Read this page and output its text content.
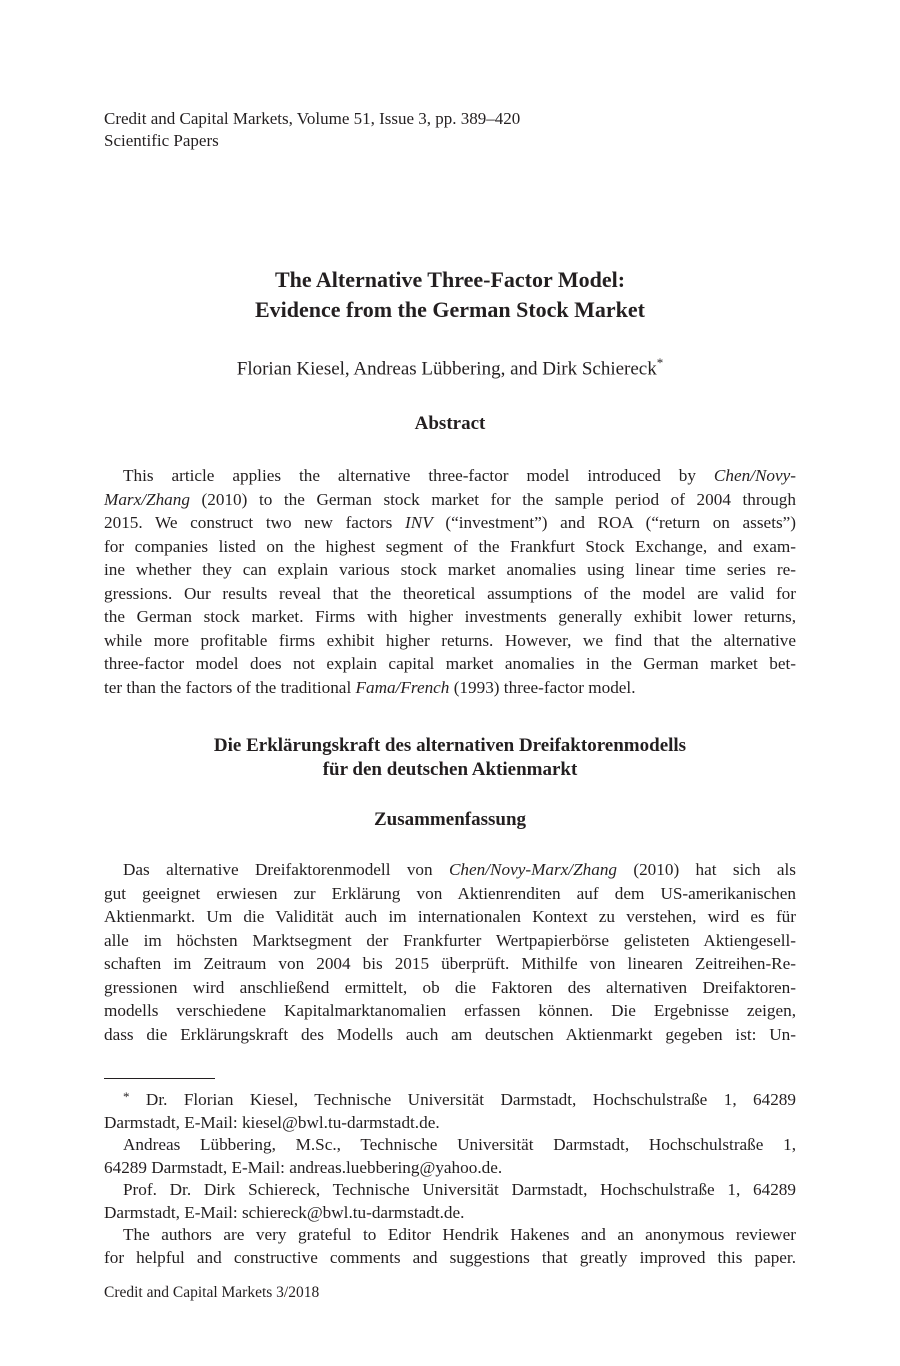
Credit and Capital Markets, Volume 51, Issue 3, pp. 389–420
Scientific Papers
The Alternative Three-Factor Model:
Evidence from the German Stock Market
Florian Kiesel, Andreas Lübbering, and Dirk Schiereck*
Abstract
This article applies the alternative three-factor model introduced by Chen/Novy-
Marx/Zhang (2010) to the German stock market for the sample period of 2004 through
2015. We construct two new factors INV (“investment”) and ROA (“return on assets”)
for companies listed on the highest segment of the Frankfurt Stock Exchange, and exam-
ine whether they can explain various stock market anomalies using linear time series re-
gressions. Our results reveal that the theoretical assumptions of the model are valid for
the German stock market. Firms with higher investments generally exhibit lower returns,
while more profitable firms exhibit higher returns. However, we find that the alternative
three-factor model does not explain capital market anomalies in the German market bet-
ter than the factors of the traditional Fama/French (1993) three-factor model.
Die Erklärungskraft des alternativen Dreifaktorenmodells
für den deutschen Aktienmarkt
Zusammenfassung
Das alternative Dreifaktorenmodell von Chen/Novy-Marx/Zhang (2010) hat sich als
gut geeignet erwiesen zur Erklärung von Aktienrenditen auf dem US-amerikanischen
Aktienmarkt. Um die Validität auch im internationalen Kontext zu verstehen, wird es für
alle im höchsten Marktsegment der Frankfurter Wertpapierbörse gelisteten Aktiengesell-
schaften im Zeitraum von 2004 bis 2015 überprüft. Mithilfe von linearen Zeitreihen-Re-
gressionen wird anschließend ermittelt, ob die Faktoren des alternativen Dreifaktoren-
modells verschiedene Kapitalmarktanomalien erfassen können. Die Ergebnisse zeigen,
dass die Erklärungskraft des Modells auch am deutschen Aktienmarkt gegeben ist: Un-
* Dr. Florian Kiesel, Technische Universität Darmstadt, Hochschulstraße 1, 64289
Darmstadt, E-Mail: kiesel@bwl.tu-darmstadt.de.
Andreas Lübbering, M.Sc., Technische Universität Darmstadt, Hochschulstraße 1,
64289 Darmstadt, E-Mail: andreas.luebbering@yahoo.de.
Prof. Dr. Dirk Schiereck, Technische Universität Darmstadt, Hochschulstraße 1, 64289
Darmstadt, E-Mail: schiereck@bwl.tu-darmstadt.de.
The authors are very grateful to Editor Hendrik Hakenes and an anonymous reviewer
for helpful and constructive comments and suggestions that greatly improved this paper.
Credit and Capital Markets 3/2018
